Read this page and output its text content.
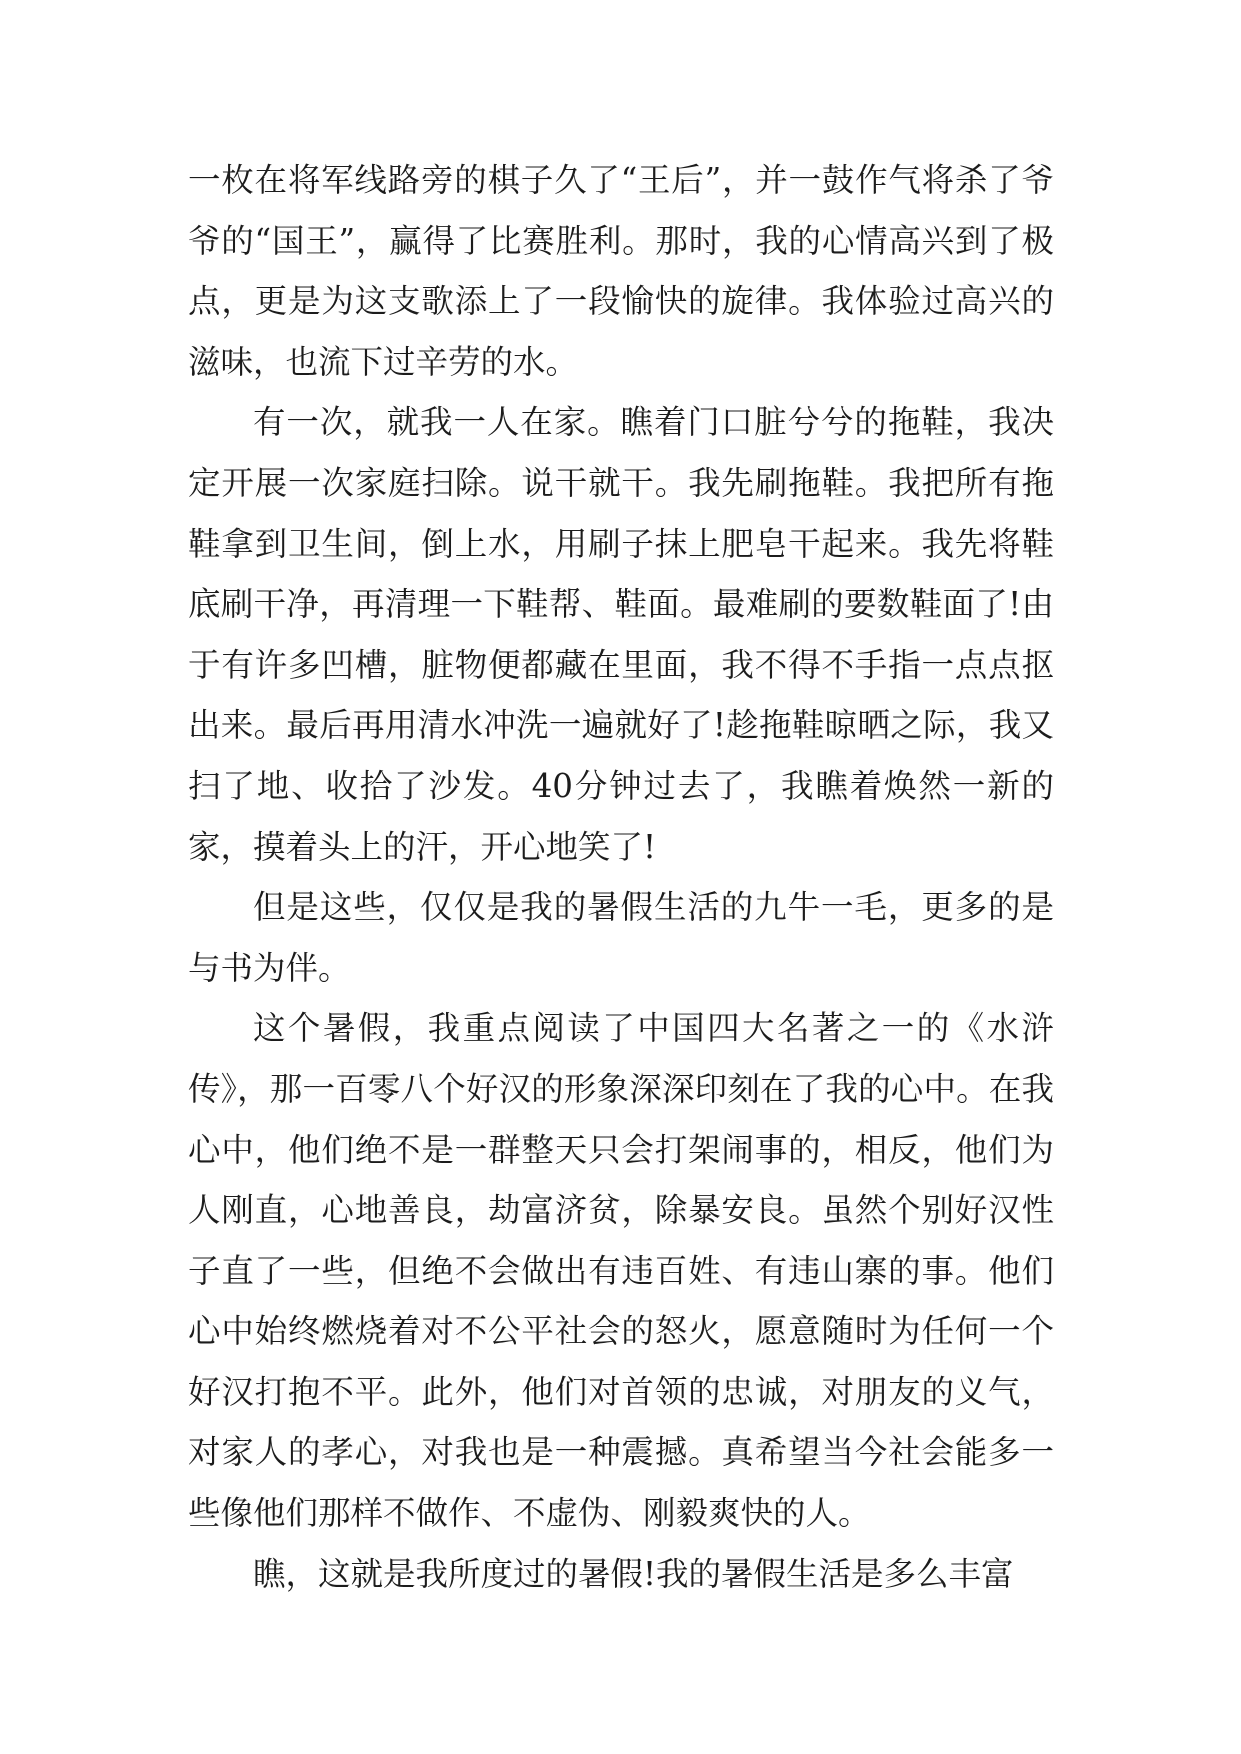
一枚在将军线路旁的棋子久了“王后”，并一鼓作气将杀了爷爷的“国王”，赢得了比赛胜利。那时，我的心情高兴到了极点，更是为这支歌添上了一段愉快的旋律。我体验过高兴的滋味，也流下过辛劳的水。

有一次，就我一人在家。瞧着门口脏兮兮的拖鞋，我决定开展一次家庭扫除。说干就干。我先刷拖鞋。我把所有拖鞋拿到卫生间，倒上水，用刷子抹上肥皂干起来。我先将鞋底刷干净，再清理一下鞋帮、鞋面。最难刷的要数鞋面了!由于有许多凹槽，脏物便都藏在里面，我不得不手指一点点抠出来。最后再用清水冲洗一遍就好了!趁拖鞋晾晒之际，我又扫了地、收拾了沙发。40分钟过去了，我瞧着焕然一新的家，摸着头上的汗，开心地笑了!

但是这些，仅仅是我的暑假生活的九牛一毛，更多的是与书为伴。

这个暑假，我重点阅读了中国四大名著之一的《水浒传》，那一百零八个好汉的形象深深印刻在了我的心中。在我心中，他们绝不是一群整天只会打架闹事的，相反，他们为人刚直，心地善良，劫富济贫，除暴安良。虽然个别好汉性子直了一些，但绝不会做出有违百姓、有违山寨的事。他们心中始终燃烧着对不公平社会的怒火，愿意随时为任何一个好汉打抱不平。此外，他们对首领的忠诚，对朋友的义气，对家人的孝心，对我也是一种震撼。真希望当今社会能多一些像他们那样不做作、不虚伪、刚毅爽快的人。

瞧，这就是我所度过的暑假!我的暑假生活是多么丰富
